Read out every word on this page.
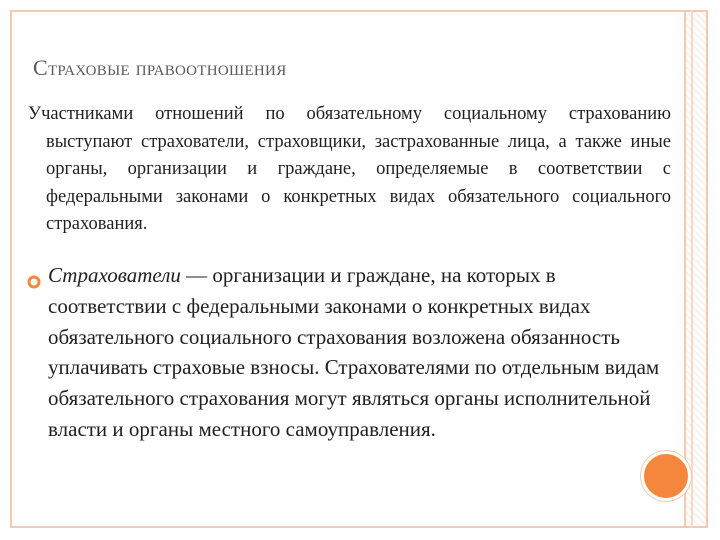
Страховые правоотношения
Участниками отношений по обязательному социальному страхованию выступают страхователи, страховщики, застрахованные лица, а также иные органы, организации и граждане, определяемые в соответствии с федеральными законами о конкретных видах обязательного социального страхования.
Страхователи — организации и граждане, на которых в соответствии с федеральными законами о конкретных видах обязательного социального страхования возложена обязанность уплачивать страховые взносы. Страхователями по отдельным видам обязательного страхования могут являться органы исполнительной власти и органы местного самоуправления.
